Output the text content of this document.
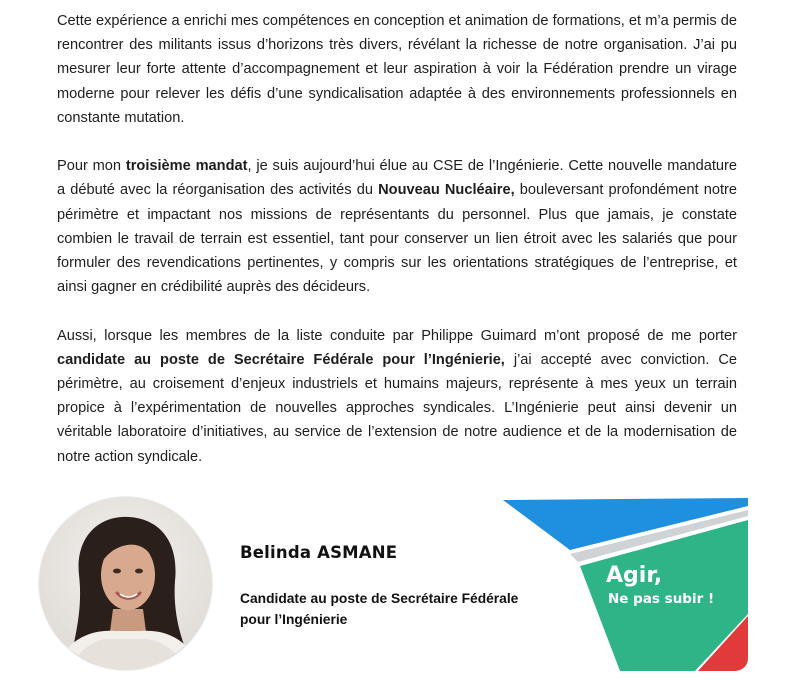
Cette expérience a enrichi mes compétences en conception et animation de formations, et m’a permis de rencontrer des militants issus d’horizons très divers, révélant la richesse de notre organisation. J’ai pu mesurer leur forte attente d’accompagnement et leur aspiration à voir la Fédération prendre un virage moderne pour relever les défis d’une syndicalisation adaptée à des environnements professionnels en constante mutation.

Pour mon troisième mandat, je suis aujourd’hui élue au CSE de l’Ingénierie. Cette nouvelle mandature a débuté avec la réorganisation des activités du Nouveau Nucléaire, bouleversant profondément notre périmètre et impactant nos missions de représentants du personnel. Plus que jamais, je constate combien le travail de terrain est essentiel, tant pour conserver un lien étroit avec les salariés que pour formuler des revendications pertinentes, y compris sur les orientations stratégiques de l’entreprise, et ainsi gagner en crédibilité auprès des décideurs.

Aussi, lorsque les membres de la liste conduite par Philippe Guimard m’ont proposé de me porter candidate au poste de Secrétaire Fédérale pour l’Ingénierie, j’ai accepté avec conviction. Ce périmètre, au croisement d’enjeux industriels et humains majeurs, représente à mes yeux un terrain propice à l’expérimentation de nouvelles approches syndicales. L’Ingénierie peut ainsi devenir un véritable laboratoire d’initiatives, au service de l’extension de notre audience et de la modernisation de notre action syndicale.

Belinda ASMANE
Candidate au poste de Secrétaire Fédérale
pour l’Ingénierie
Agir,
Ne pas subir !
